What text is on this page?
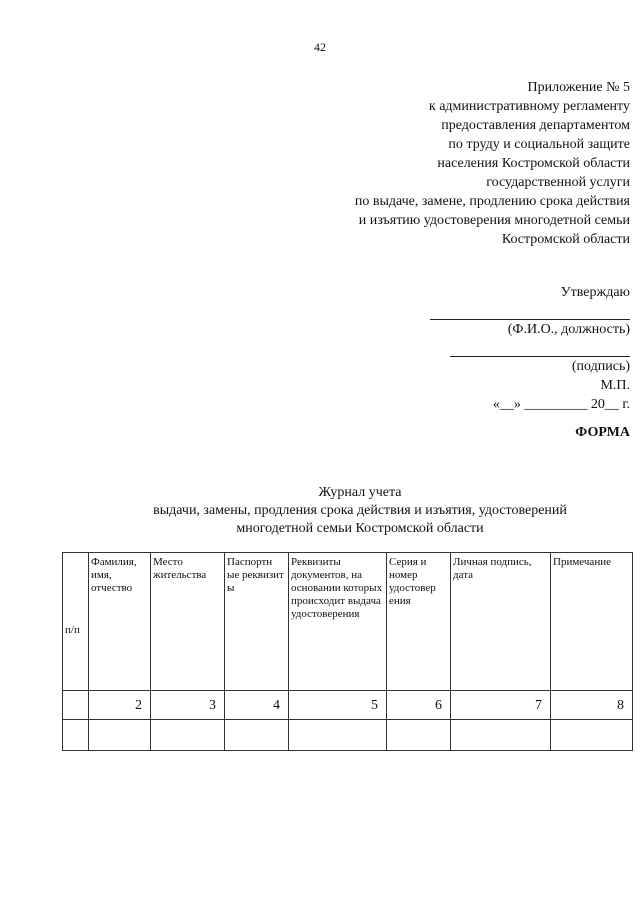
42
Приложение № 5
к административному регламенту
предоставления департаментом
по труду и социальной защите
населения Костромской области
государственной услуги
по выдаче, замене, продлению срока действия
и изъятию удостоверения многодетной семьи
Костромской области
Утверждаю
(Ф.И.О., должность)
(подпись)
М.П.
«__» _________ 20__ г.
ФОРМА
Журнал учета
выдачи, замены, продления срока действия и изъятия, удостоверений
многодетной семьи Костромской области
п/п	Фамилия, имя, отчество	Место жительства	Паспортн ые реквизит ы	Реквизиты документов, на основании которых происходит выдача удостоверения	Серия и номер удостовер ения	Личная подпись, дата	Примечание
	2	3	4	5	6	7	8
